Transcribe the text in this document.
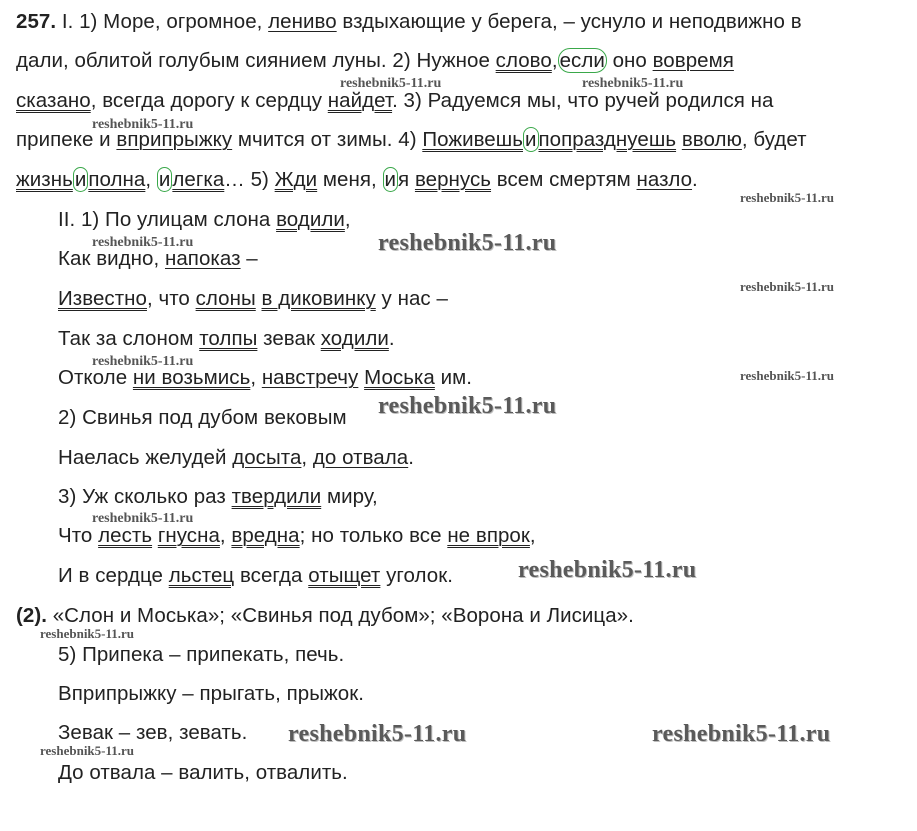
257. I. 1) Море, огромное, лениво вздыхающие у берега, – уснуло и неподвижно в
дали, облитой голубым сиянием луны. 2) Нужное слово,если оно вовремя
сказано, всегда дорогу к сердцу найдет. 3) Радуемся мы, что ручей родился на
припеке и вприпрыжку мчится от зимы. 4) Поживешьипопразднуешь вволю, будет
жизньиполна, илегка… 5) Жди меня, ия вернусь всем смертям назло.
II. 1) По улицам слона водили,
Как видно, напоказ –
Известно, что слоны в диковинку у нас –
Так за слоном толпы зевак ходили.
Отколе ни возьмись, навстречу Моська им.
2) Свинья под дубом вековым
Наелась желудей досыта, до отвала.
3) Уж сколько раз твердили миру,
Что лесть гнусна, вредна; но только все не впрок,
И в сердце льстец всегда отыщет уголок.
(2). «Слон и Моська»; «Свинья под дубом»; «Ворона и Лисица».
5) Припека – припекать, печь.
Вприпрыжку – прыгать, прыжок.
Зевак – зев, зевать.
До отвала – валить, отвалить.
reshebnik5-11.ru	reshebnik5-11.ru
reshebnik5-11.ru
reshebnik5-11.ru
reshebnik5-11.ru	reshebnik5-11.ru
reshebnik5-11.ru
reshebnik5-11.ru
reshebnik5-11.ru
reshebnik5-11.ru
reshebnik5-11.ru
reshebnik5-11.ru
reshebnik5-11.ru
reshebnik5-11.ru	reshebnik5-11.ru
reshebnik5-11.ru
